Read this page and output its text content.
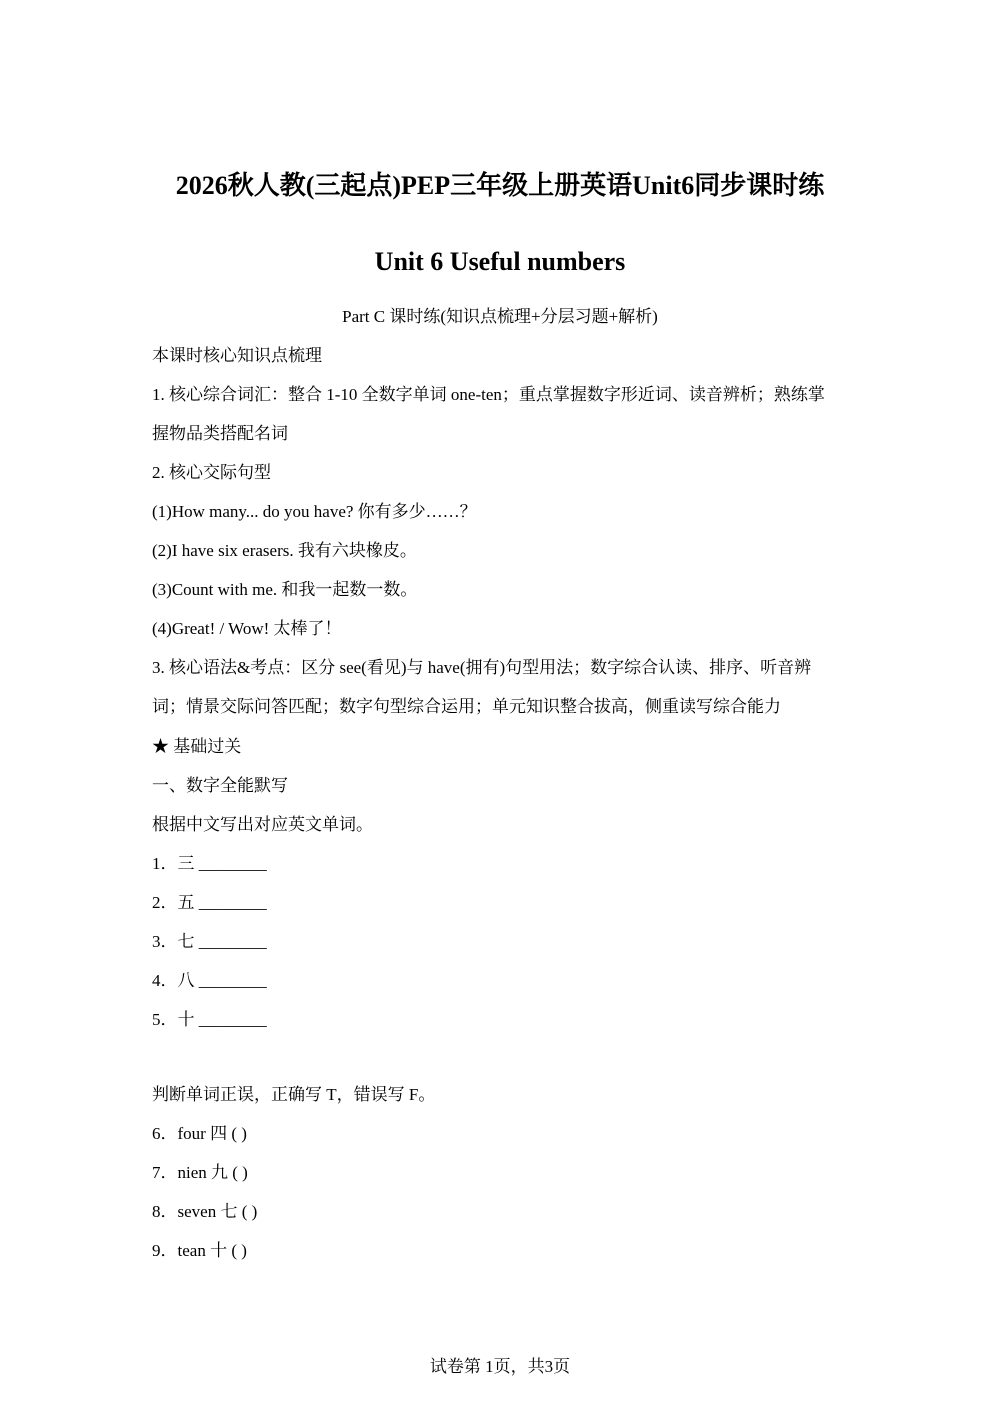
2026秋人教(三起点)PEP三年级上册英语Unit6同步课时练
Unit 6 Useful numbers
Part C 课时练(知识点梳理+分层习题+解析)
本课时核心知识点梳理
1. 核心综合词汇：整合 1-10 全数字单词 one-ten；重点掌握数字形近词、读音辨析；熟练掌
握物品类搭配名词
2. 核心交际句型
(1)How many... do you have? 你有多少……？
(2)I have six erasers. 我有六块橡皮。
(3)Count with me. 和我一起数一数。
(4)Great! / Wow! 太棒了！
3. 核心语法&考点：区分 see(看见)与 have(拥有)句型用法；数字综合认读、排序、听音辨
词；情景交际问答匹配；数字句型综合运用；单元知识整合拔高，侧重读写综合能力
★ 基础过关
一、数字全能默写
根据中文写出对应英文单词。
1．三 ________
2．五 ________
3．七 ________
4．八 ________
5．十 ________
判断单词正误，正确写 T，错误写 F。
6．four 四 ( )
7．nien 九 ( )
8．seven 七 ( )
9．tean 十 ( )
试卷第 1页，共3页
